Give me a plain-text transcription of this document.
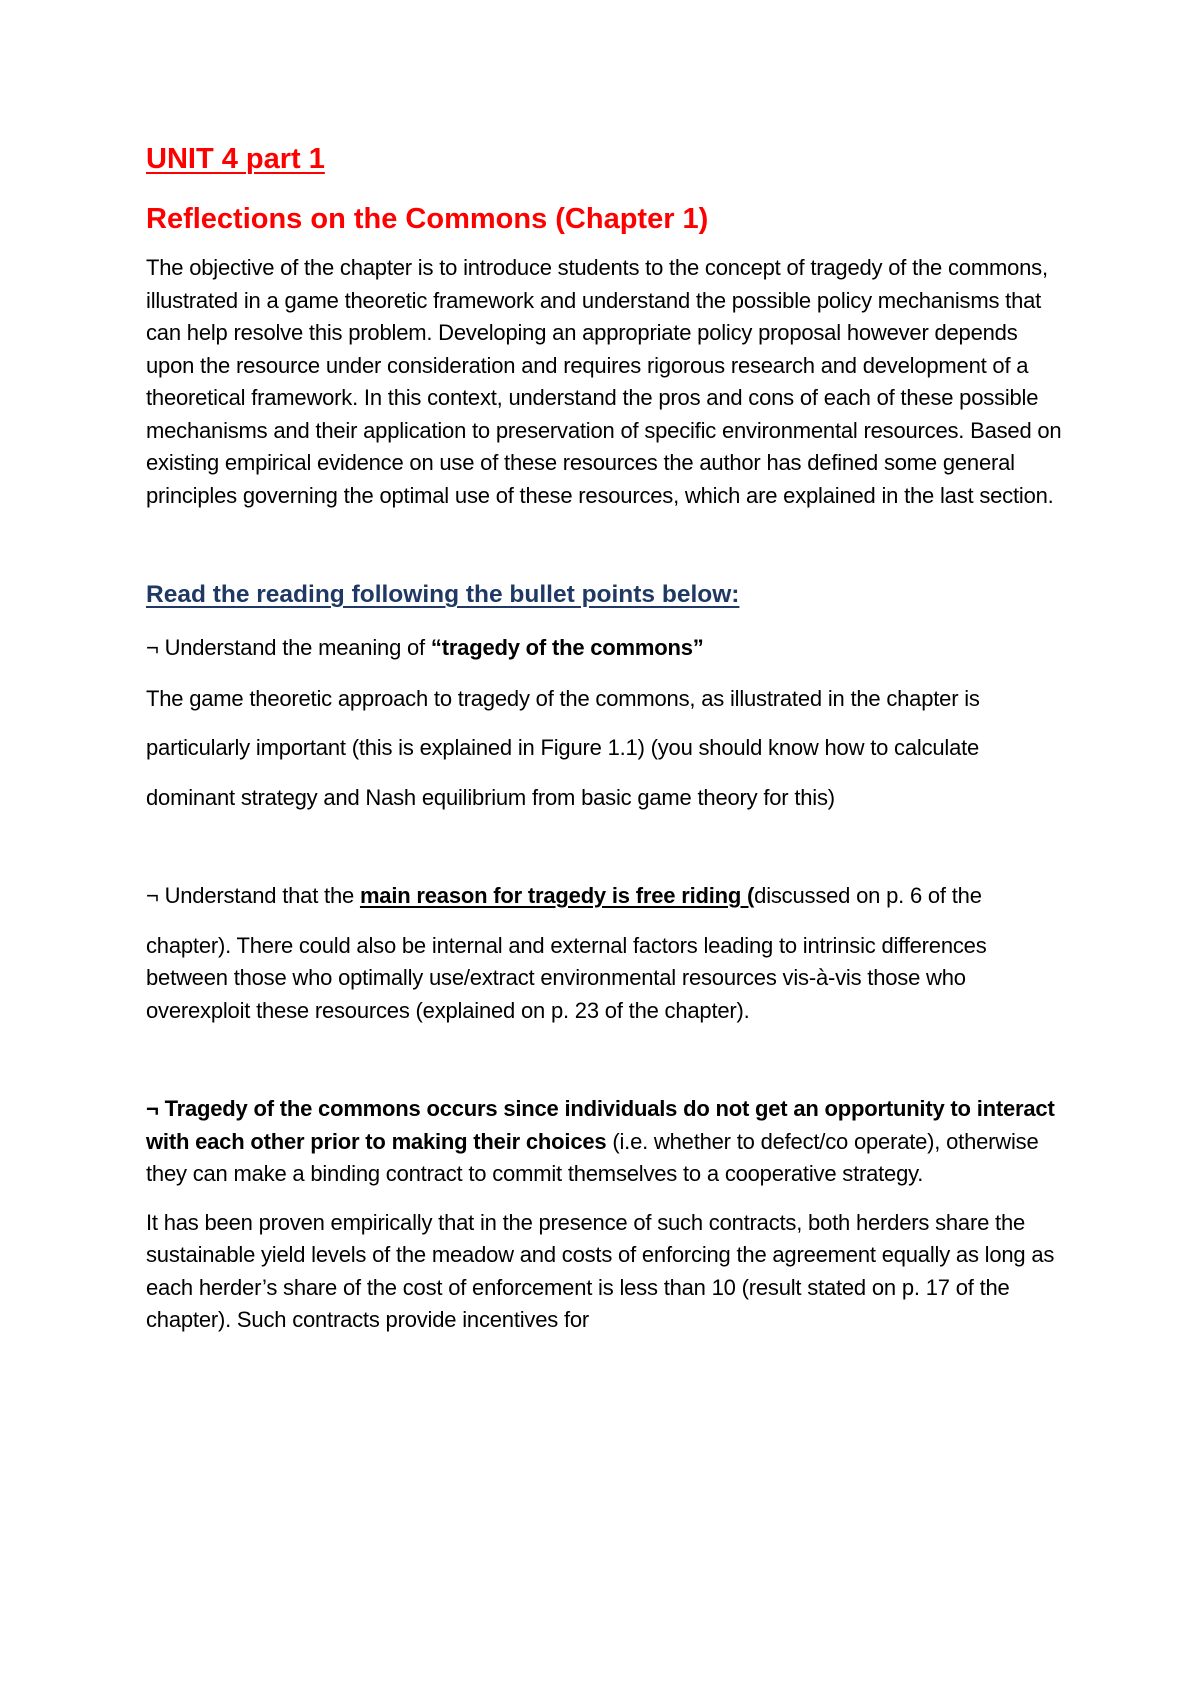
UNIT 4 part 1
Reflections on the Commons (Chapter 1)

The objective of the chapter is to introduce students to the concept of tragedy of the commons, illustrated in a game theoretic framework and understand the possible policy mechanisms that can help resolve this problem. Developing an appropriate policy proposal however depends upon the resource under consideration and requires rigorous research and development of a theoretical framework. In this context, understand the pros and cons of each of these possible mechanisms and their application to preservation of specific environmental resources. Based on existing empirical evidence on use of these resources the author has defined some general principles governing the optimal use of these resources, which are explained in the last section.

Read the reading following the bullet points below:

¬ Understand the meaning of “tragedy of the commons”

The game theoretic approach to tragedy of the commons, as illustrated in the chapter is

particularly important (this is explained in Figure 1.1) (you should know how to calculate

dominant strategy and Nash equilibrium from basic game theory for this)

¬ Understand that the main reason for tragedy is free riding (discussed on p. 6 of the

chapter). There could also be internal and external factors leading to intrinsic differences between those who optimally use/extract environmental resources vis-à-vis those who overexploit these resources (explained on p. 23 of the chapter).

¬ Tragedy of the commons occurs since individuals do not get an opportunity to interact with each other prior to making their choices (i.e. whether to defect/co operate), otherwise they can make a binding contract to commit themselves to a cooperative strategy.

It has been proven empirically that in the presence of such contracts, both herders share the sustainable yield levels of the meadow and costs of enforcing the agreement equally as long as each herder’s share of the cost of enforcement is less than 10 (result stated on p. 17 of the chapter). Such contracts provide incentives for
